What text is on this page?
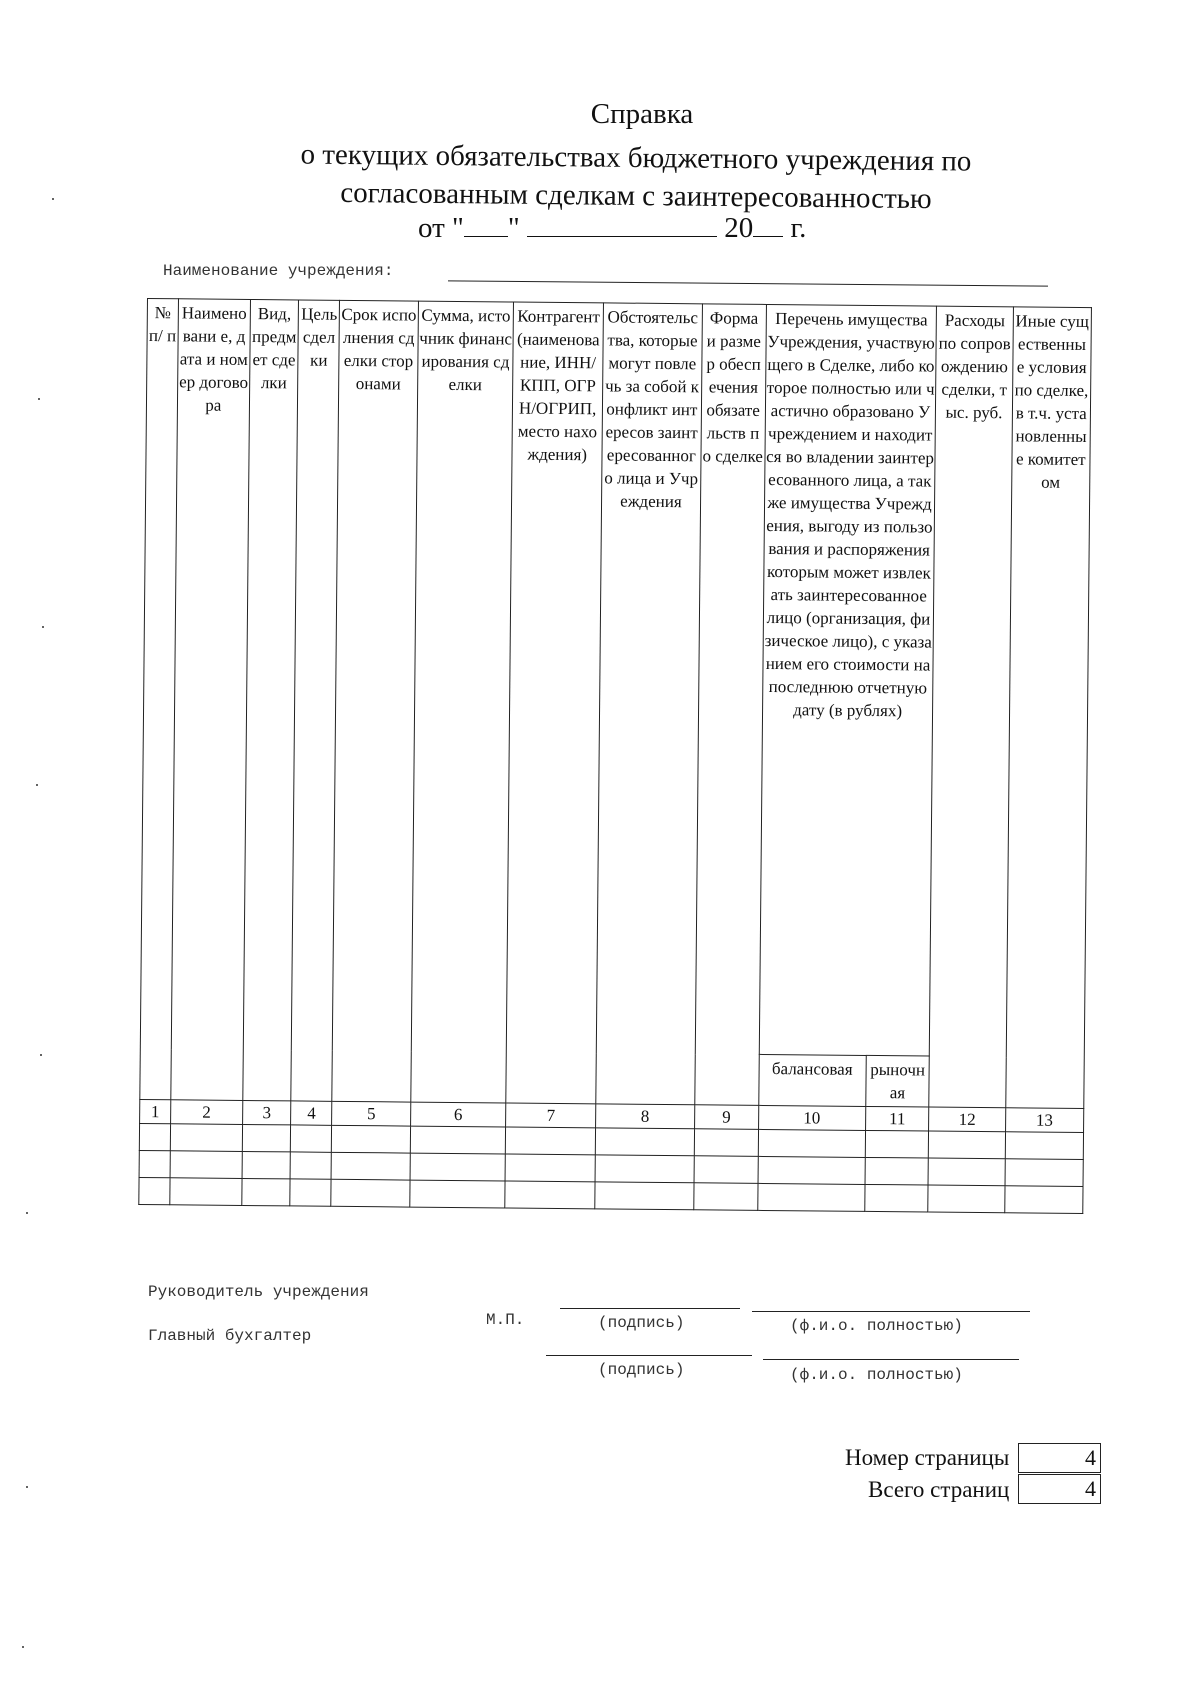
Справка
о текущих обязательствах бюджетного учреждения по
согласованным сделкам с заинтересованностью
от " "	20 г.
Наименование учреждения:
№ п/ п	Наименовани е, дата и номер договора	Вид, предмет сделки	Цель сделки	Срок исполнения сделки сторонами	Сумма, источник финансирования сделки	Контрагент (наименование, ИНН/КПП, ОГРН/ОГРИП, место нахождения)	Обстоятельства, которые могут повлечь за собой конфликт интересов заинтересованного лица и Учреждения	Форма и размер обеспечения обязательств по сделке	Перечень имущества Учреждения, участвующего в Сделке, либо которое полностью или частично образовано Учреждением и находится во владении заинтересованного лица, а также имущества Учреждения, выгоду из пользования и распоряжения которым может извлекать заинтересованное лицо (организация, физическое лицо), с указанием его стоимости на последнюю отчетную дату (в рублях)		Расходы по сопровождению сделки, тыс. руб.	Иные существенные условия по сделке, в т.ч. установленные комитетом
									балансовая	рыночная		
1	2	3	4	5	6	7	8	9	10	11	12	13

Руководитель учреждения
Главный бухгалтер
М.П.	(подпись)	(ф.и.о. полностью)
(подпись)	(ф.и.о. полностью)
Номер страницы	4
Всего страниц	4
